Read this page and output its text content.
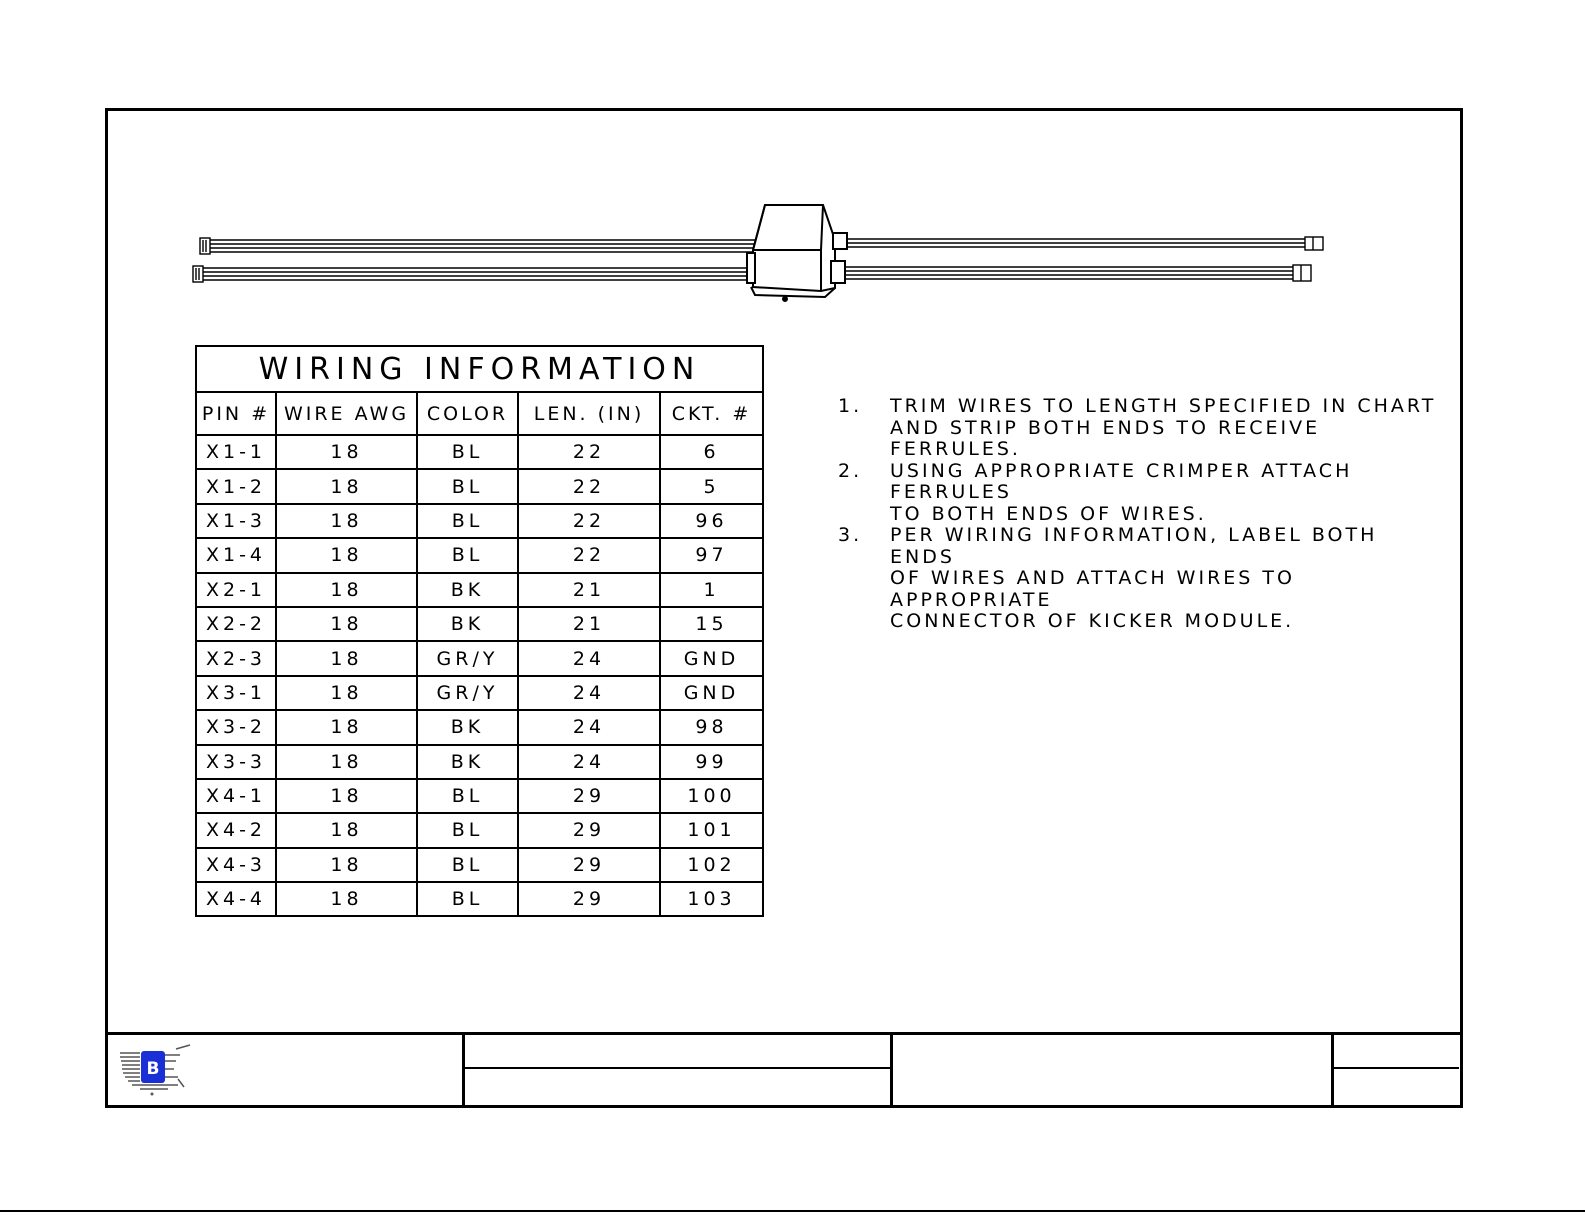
WIRING INFORMATION				
PIN #	WIRE AWG	COLOR	LEN. (IN)	CKT. #
X1-1	18	BL	22	6
X1-2	18	BL	22	5
X1-3	18	BL	22	96
X1-4	18	BL	22	97
X2-1	18	BK	21	1
X2-2	18	BK	21	15
X2-3	18	GR/Y	24	GND
X3-1	18	GR/Y	24	GND
X3-2	18	BK	24	98
X3-3	18	BK	24	99
X4-1	18	BL	29	100
X4-2	18	BL	29	101
X4-3	18	BL	29	102
X4-4	18	BL	29	103
1.	TRIM WIRES TO LENGTH SPECIFIED IN CHART
AND STRIP BOTH ENDS TO RECEIVE FERRULES.
2.	USING APPROPRIATE CRIMPER ATTACH FERRULES
TO BOTH ENDS OF WIRES.
3.	PER WIRING INFORMATION, LABEL BOTH ENDS
OF WIRES AND ATTACH WIRES TO APPROPRIATE
CONNECTOR OF KICKER MODULE.
B
